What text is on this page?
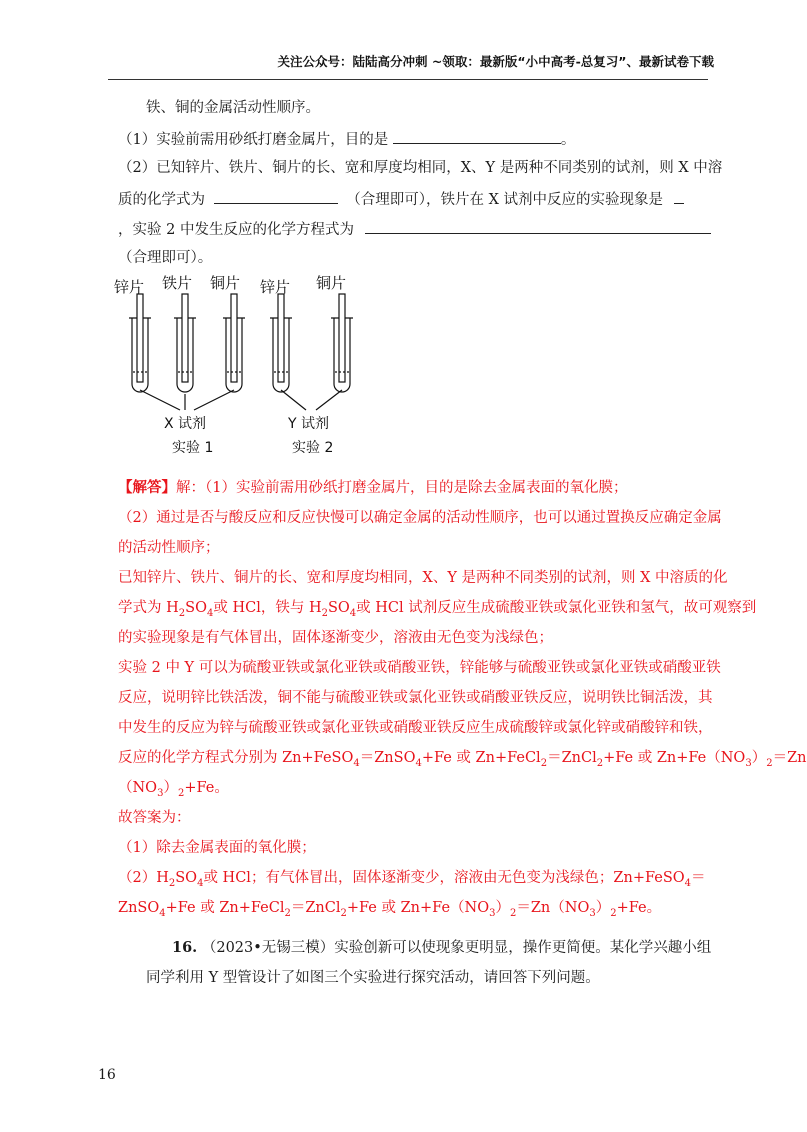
关注公众号：陆陆高分冲刺 ~领取：最新版“小中高考-总复习”、最新试卷下载
铁、铜的金属活动性顺序。
（1）实验前需用砂纸打磨金属片，目的是	。
（2）已知锌片、铁片、铜片的长、宽和厚度均相同，X、Y 是两种不同类别的试剂，则 X 中溶
质的化学式为	（合理即可），铁片在 X 试剂中反应的实验现象是
，实验 2 中发生反应的化学方程式为
（合理即可）。
锌片 铁片 铜片 锌片 铜片
X 试剂	Y 试剂
实验 1	实验 2
【解答】解：（1）实验前需用砂纸打磨金属片，目的是除去金属表面的氧化膜；
（2）通过是否与酸反应和反应快慢可以确定金属的活动性顺序，也可以通过置换反应确定金属
的活动性顺序；
已知锌片、铁片、铜片的长、宽和厚度均相同，X、Y 是两种不同类别的试剂，则 X 中溶质的化
学式为 $H_2SO_4$或 HCl，铁与 $H_2SO_4$或 HCl 试剂反应生成硫酸亚铁或氯化亚铁和氢气，故可观察到
的实验现象是有气体冒出，固体逐渐变少，溶液由无色变为浅绿色；
实验 2 中 Y 可以为硫酸亚铁或氯化亚铁或硝酸亚铁，锌能够与硫酸亚铁或氯化亚铁或硝酸亚铁
反应，说明锌比铁活泼，铜不能与硫酸亚铁或氯化亚铁或硝酸亚铁反应，说明铁比铜活泼，其
中发生的反应为锌与硫酸亚铁或氯化亚铁或硝酸亚铁反应生成硫酸锌或氯化锌或硝酸锌和铁，
反应的化学方程式分别为 Zn+FeSO$_4$＝ZnSO$_4$+Fe 或 Zn+FeCl$_2$＝ZnCl$_2$+Fe 或 $Zn+Fe(NO_3)_2=Zn$
$(NO_3)_2+Fe$。
故答案为：
（1）除去金属表面的氧化膜；
$(2)H_2SO_4$或 HCl；有气体冒出，固体逐渐变少，溶液由无色变为浅绿色；Zn+FeSO$_4$＝
ZnSO$_4$+Fe 或 Zn+FeCl$_2$＝ZnCl$_2$+Fe 或 $Zn+Fe(NO_3)_2=Zn(NO_3)_2+Fe$。
16. （2023•无锡三模）实验创新可以使现象更明显，操作更简便。某化学兴趣小组
同学利用 Y 型管设计了如图三个实验进行探究活动，请回答下列问题。
16
